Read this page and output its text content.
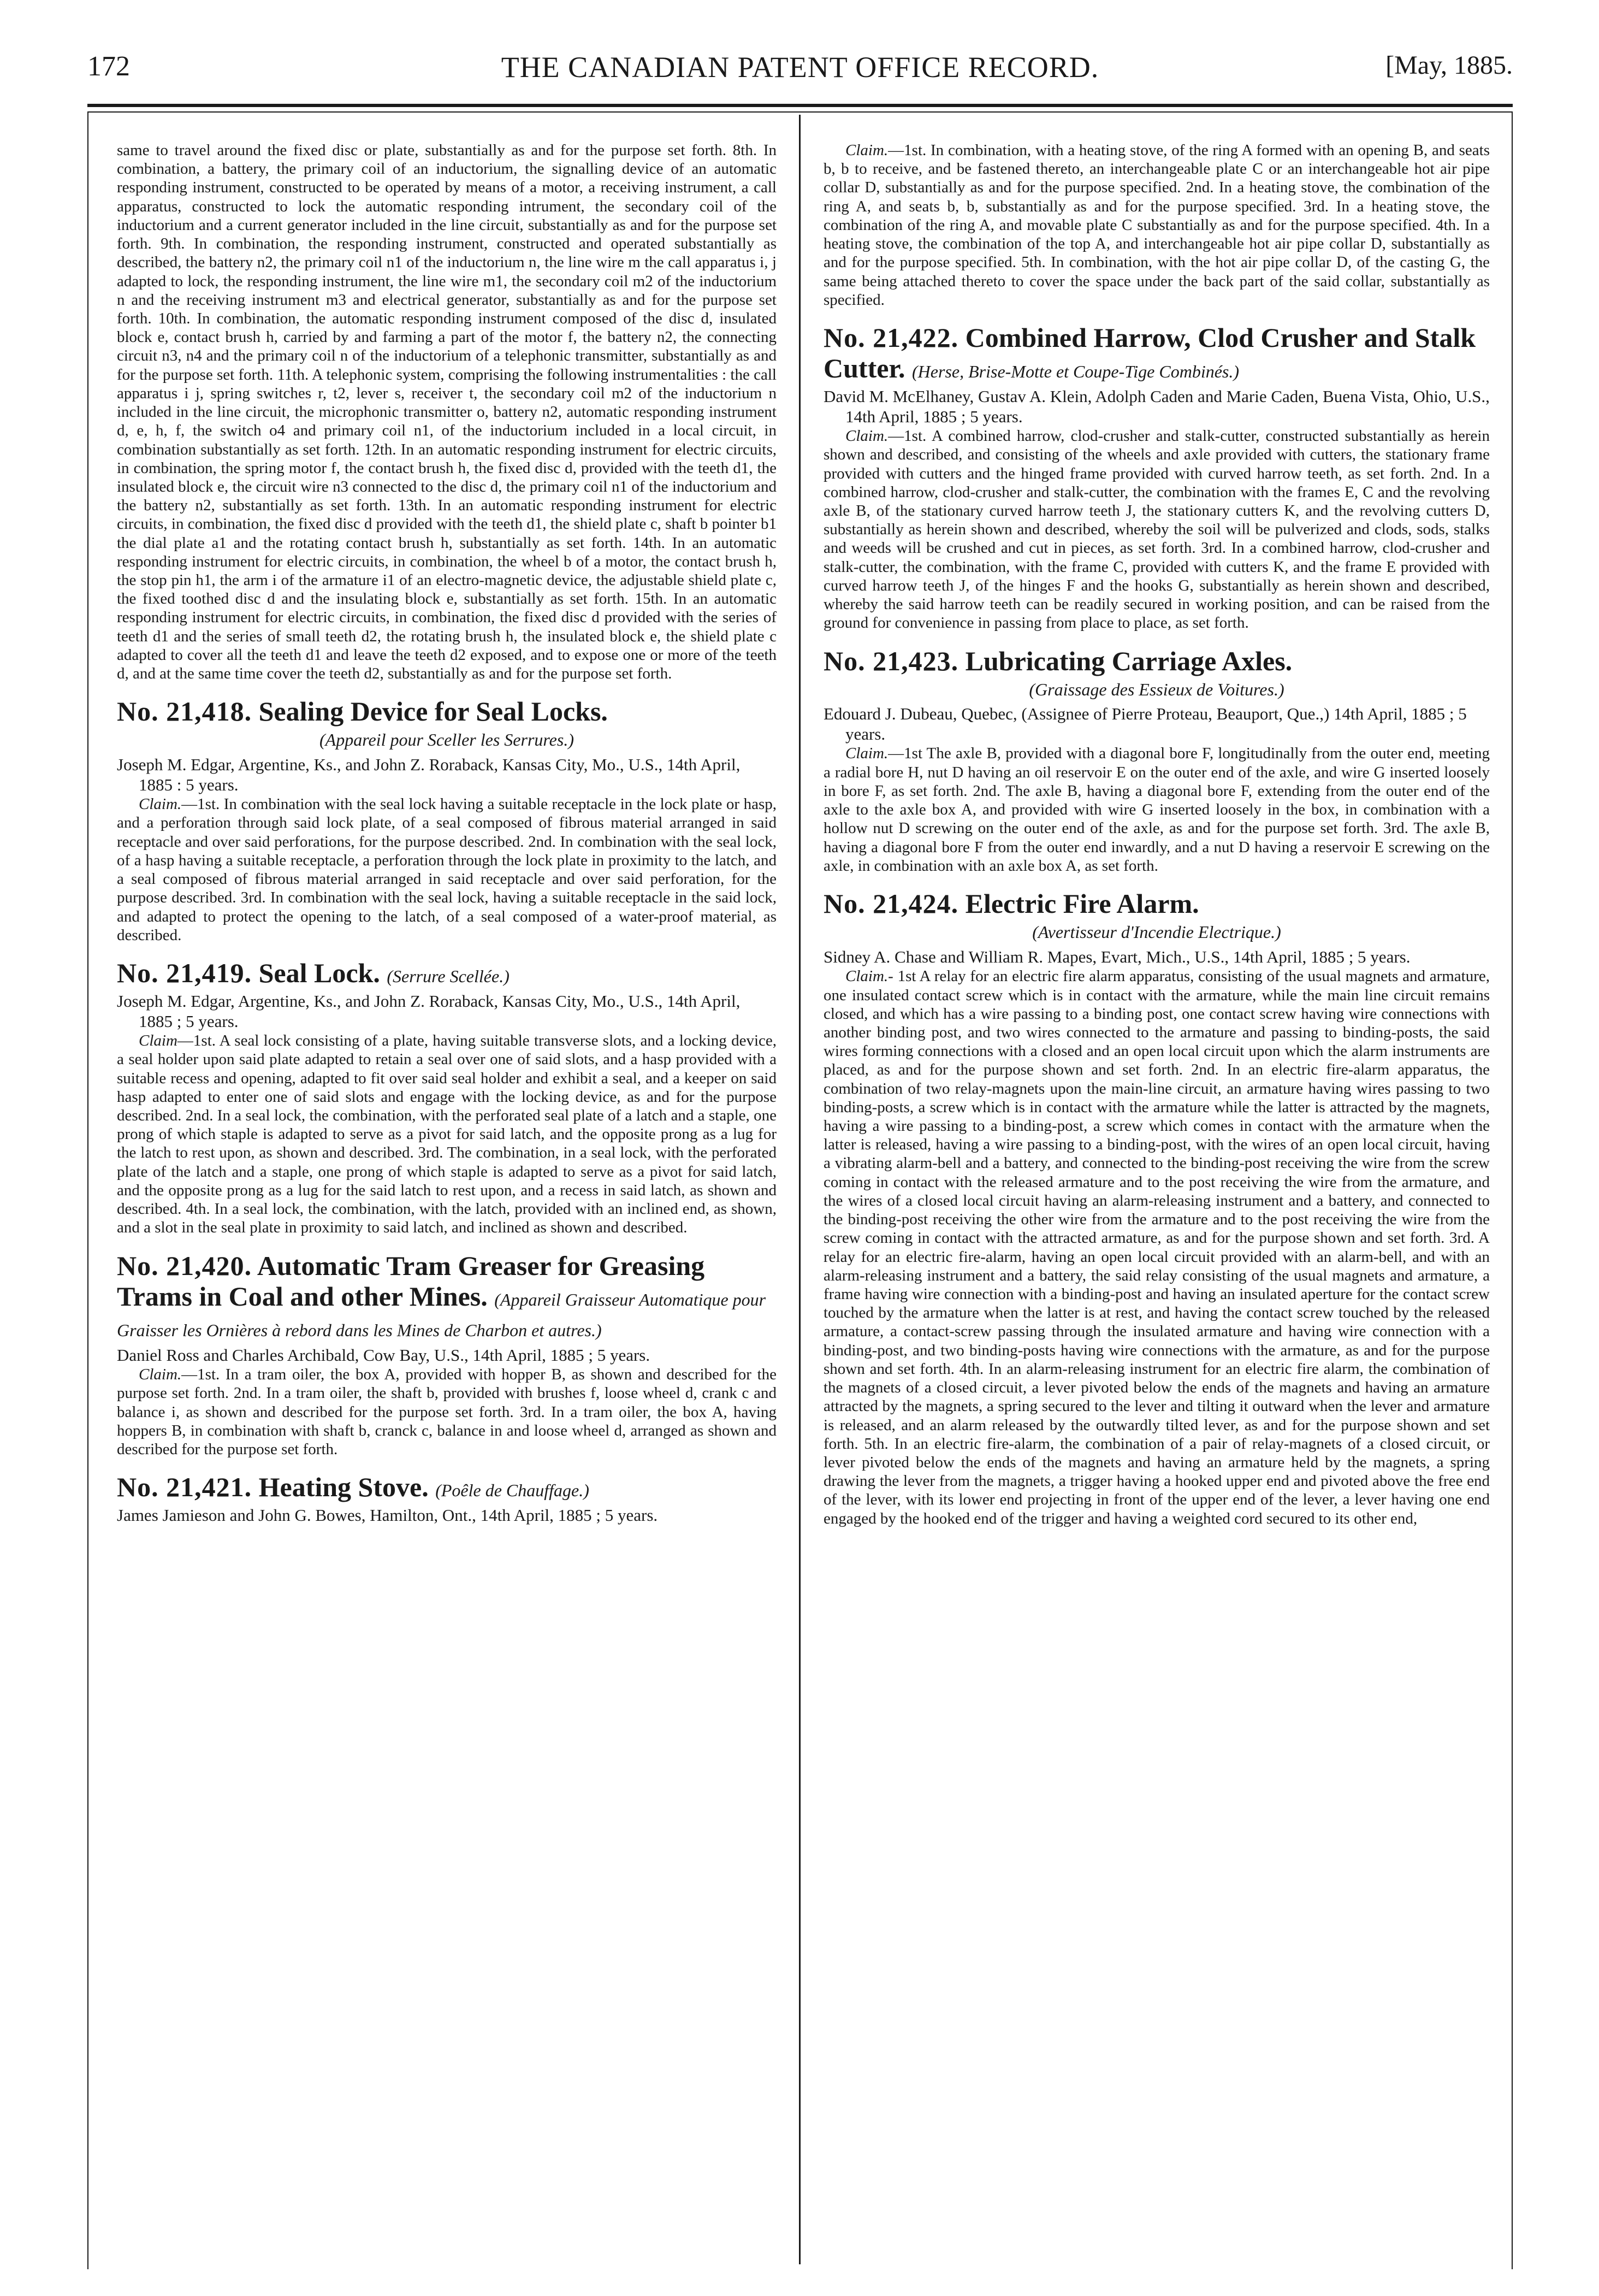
172	THE CANADIAN PATENT OFFICE RECORD.	[May, 1885.

same to travel around the fixed disc or plate, substantially as and for the purpose set forth. 8th. In combination, a battery, the primary coil of an inductorium, the signalling device of an automatic responding instrument, constructed to be operated by means of a motor, a receiving instrument, a call apparatus, constructed to lock the automatic responding intrument, the secondary coil of the inductorium and a current generator included in the line circuit, substantially as and for the purpose set forth. 9th. In combination, the responding instrument, constructed and operated substantially as described, the battery n2, the primary coil n1 of the inductorium n, the line wire m the call apparatus i, j adapted to lock, the responding instrument, the line wire m1, the secondary coil m2 of the inductorium n and the receiving instrument m3 and electrical generator, substantially as and for the purpose set forth. 10th. In combination, the automatic responding instrument composed of the disc d, insulated block e, contact brush h, carried by and farming a part of the motor f, the battery n2, the connecting circuit n3, n4 and the primary coil n of the inductorium of a telephonic transmitter, substantially as and for the purpose set forth. 11th. A telephonic system, comprising the following instrumentalities : the call apparatus i j, spring switches r, t2, lever s, receiver t, the secondary coil m2 of the inductorium n included in the line circuit, the microphonic transmitter o, battery n2, automatic responding instrument d, e, h, f, the switch o4 and primary coil n1, of the inductorium included in a local circuit, in combination substantially as set forth. 12th. In an automatic responding instrument for electric circuits, in combination, the spring motor f, the contact brush h, the fixed disc d, provided with the teeth d1, the insulated block e, the circuit wire n3 connected to the disc d, the primary coil n1 of the inductorium and the battery n2, substantially as set forth. 13th. In an automatic responding instrument for electric circuits, in combination, the fixed disc d provided with the teeth d1, the shield plate c, shaft b pointer b1 the dial plate a1 and the rotating contact brush h, substantially as set forth. 14th. In an automatic responding instrument for electric circuits, in combination, the wheel b of a motor, the contact brush h, the stop pin h1, the arm i of the armature i1 of an electro-magnetic device, the adjustable shield plate c, the fixed toothed disc d and the insulating block e, substantially as set forth. 15th. In an automatic responding instrument for electric circuits, in combination, the fixed disc d provided with the series of teeth d1 and the series of small teeth d2, the rotating brush h, the insulated block e, the shield plate c adapted to cover all the teeth d1 and leave the teeth d2 exposed, and to expose one or more of the teeth d, and at the same time cover the teeth d2, substantially as and for the purpose set forth.

No. 21,418. Sealing Device for Seal Locks.
(Appareil pour Sceller les Serrures.)

Joseph M. Edgar, Argentine, Ks., and John Z. Roraback, Kansas City, Mo., U.S., 14th April, 1885 : 5 years.

Claim.—1st. In combination with the seal lock having a suitable receptacle in the lock plate or hasp, and a perforation through said lock plate, of a seal composed of fibrous material arranged in said receptacle and over said perforations, for the purpose described. 2nd. In combination with the seal lock, of a hasp having a suitable receptacle, a perforation through the lock plate in proximity to the latch, and a seal composed of fibrous material arranged in said receptacle and over said perforation, for the purpose described. 3rd. In combination with the seal lock, having a suitable receptacle in the said lock, and adapted to protect the opening to the latch, of a seal composed of a water-proof material, as described.

No. 21,419. Seal Lock. (Serrure Scellée.)

Joseph M. Edgar, Argentine, Ks., and John Z. Roraback, Kansas City, Mo., U.S., 14th April, 1885 ; 5 years.

Claim—1st. A seal lock consisting of a plate, having suitable transverse slots, and a locking device, a seal holder upon said plate adapted to retain a seal over one of said slots, and a hasp provided with a suitable recess and opening, adapted to fit over said seal holder and exhibit a seal, and a keeper on said hasp adapted to enter one of said slots and engage with the locking device, as and for the purpose described. 2nd. In a seal lock, the combination, with the perforated seal plate of a latch and a staple, one prong of which staple is adapted to serve as a pivot for said latch, and the opposite prong as a lug for the latch to rest upon, as shown and described. 3rd. The combination, in a seal lock, with the perforated plate of the latch and a staple, one prong of which staple is adapted to serve as a pivot for said latch, and the opposite prong as a lug for the said latch to rest upon, and a recess in said latch, as shown and described. 4th. In a seal lock, the combination, with the latch, provided with an inclined end, as shown, and a slot in the seal plate in proximity to said latch, and inclined as shown and described.

No. 21,420. Automatic Tram Greaser for Greasing Trams in Coal and other Mines. (Appareil Graisseur Automatique pour Graisser les Ornières à rebord dans les Mines de Charbon et autres.)

Daniel Ross and Charles Archibald, Cow Bay, U.S., 14th April, 1885 ; 5 years.

Claim.—1st. In a tram oiler, the box A, provided with hopper B, as shown and described for the purpose set forth. 2nd. In a tram oiler, the shaft b, provided with brushes f, loose wheel d, crank c and balance i, as shown and described for the purpose set forth. 3rd. In a tram oiler, the box A, having hoppers B, in combination with shaft b, cranck c, balance in and loose wheel d, arranged as shown and described for the purpose set forth.

No. 21,421. Heating Stove. (Poêle de Chauffage.)

James Jamieson and John G. Bowes, Hamilton, Ont., 14th April, 1885 ; 5 years.

Claim.—1st. In combination, with a heating stove, of the ring A formed with an opening B, and seats b, b to receive, and be fastened thereto, an interchangeable plate C or an interchangeable hot air pipe collar D, substantially as and for the purpose specified. 2nd. In a heating stove, the combination of the ring A, and seats b, b, substantially as and for the purpose specified. 3rd. In a heating stove, the combination of the ring A, and movable plate C substantially as and for the purpose specified. 4th. In a heating stove, the combination of the top A, and interchangeable hot air pipe collar D, substantially as and for the purpose specified. 5th. In combination, with the hot air pipe collar D, of the casting G, the same being attached thereto to cover the space under the back part of the said collar, substantially as specified.

No. 21,422. Combined Harrow, Clod Crusher and Stalk Cutter. (Herse, Brise-Motte et Coupe-Tige Combinés.)

David M. McElhaney, Gustav A. Klein, Adolph Caden and Marie Caden, Buena Vista, Ohio, U.S., 14th April, 1885 ; 5 years.

Claim.—1st. A combined harrow, clod-crusher and stalk-cutter, constructed substantially as herein shown and described, and consisting of the wheels and axle provided with cutters, the stationary frame provided with cutters and the hinged frame provided with curved harrow teeth, as set forth. 2nd. In a combined harrow, clod-crusher and stalk-cutter, the combination with the frames E, C and the revolving axle B, of the stationary curved harrow teeth J, the stationary cutters K, and the revolving cutters D, substantially as herein shown and described, whereby the soil will be pulverized and clods, sods, stalks and weeds will be crushed and cut in pieces, as set forth. 3rd. In a combined harrow, clod-crusher and stalk-cutter, the combination, with the frame C, provided with cutters K, and the frame E provided with curved harrow teeth J, of the hinges F and the hooks G, substantially as herein shown and described, whereby the said harrow teeth can be readily secured in working position, and can be raised from the ground for convenience in passing from place to place, as set forth.

No. 21,423. Lubricating Carriage Axles.
(Graissage des Essieux de Voitures.)

Edouard J. Dubeau, Quebec, (Assignee of Pierre Proteau, Beauport, Que.,) 14th April, 1885 ; 5 years.

Claim.—1st The axle B, provided with a diagonal bore F, longitudinally from the outer end, meeting a radial bore H, nut D having an oil reservoir E on the outer end of the axle, and wire G inserted loosely in bore F, as set forth. 2nd. The axle B, having a diagonal bore F, extending from the outer end of the axle to the axle box A, and provided with wire G inserted loosely in the box, in combination with a hollow nut D screwing on the outer end of the axle, as and for the purpose set forth. 3rd. The axle B, having a diagonal bore F from the outer end inwardly, and a nut D having a reservoir E screwing on the axle, in combination with an axle box A, as set forth.

No. 21,424. Electric Fire Alarm.
(Avertisseur d'Incendie Electrique.)

Sidney A. Chase and William R. Mapes, Evart, Mich., U.S., 14th April, 1885 ; 5 years.

Claim.- 1st A relay for an electric fire alarm apparatus, consisting of the usual magnets and armature, one insulated contact screw which is in contact with the armature, while the main line circuit remains closed, and which has a wire passing to a binding post, one contact screw having wire connections with another binding post, and two wires connected to the armature and passing to binding-posts, the said wires forming connections with a closed and an open local circuit upon which the alarm instruments are placed, as and for the purpose shown and set forth. 2nd. In an electric fire-alarm apparatus, the combination of two relay-magnets upon the main-line circuit, an armature having wires passing to two binding-posts, a screw which is in contact with the armature while the latter is attracted by the magnets, having a wire passing to a binding-post, a screw which comes in contact with the armature when the latter is released, having a wire passing to a binding-post, with the wires of an open local circuit, having a vibrating alarm-bell and a battery, and connected to the binding-post receiving the wire from the screw coming in contact with the released armature and to the post receiving the wire from the armature, and the wires of a closed local circuit having an alarm-releasing instrument and a battery, and connected to the binding-post receiving the other wire from the armature and to the post receiving the wire from the screw coming in contact with the attracted armature, as and for the purpose shown and set forth. 3rd. A relay for an electric fire-alarm, having an open local circuit provided with an alarm-bell, and with an alarm-releasing instrument and a battery, the said relay consisting of the usual magnets and armature, a frame having wire connection with a binding-post and having an insulated aperture for the contact screw touched by the armature when the latter is at rest, and having the contact screw touched by the released armature, a contact-screw passing through the insulated armature and having wire connection with a binding-post, and two binding-posts having wire connections with the armature, as and for the purpose shown and set forth. 4th. In an alarm-releasing instrument for an electric fire alarm, the combination of the magnets of a closed circuit, a lever pivoted below the ends of the magnets and having an armature attracted by the magnets, a spring secured to the lever and tilting it outward when the lever and armature is released, and an alarm released by the outwardly tilted lever, as and for the purpose shown and set forth. 5th. In an electric fire-alarm, the combination of a pair of relay-magnets of a closed circuit, or lever pivoted below the ends of the magnets and having an armature held by the magnets, a spring drawing the lever from the magnets, a trigger having a hooked upper end and pivoted above the free end of the lever, with its lower end projecting in front of the upper end of the lever, a lever having one end engaged by the hooked end of the trigger and having a weighted cord secured to its other end,
